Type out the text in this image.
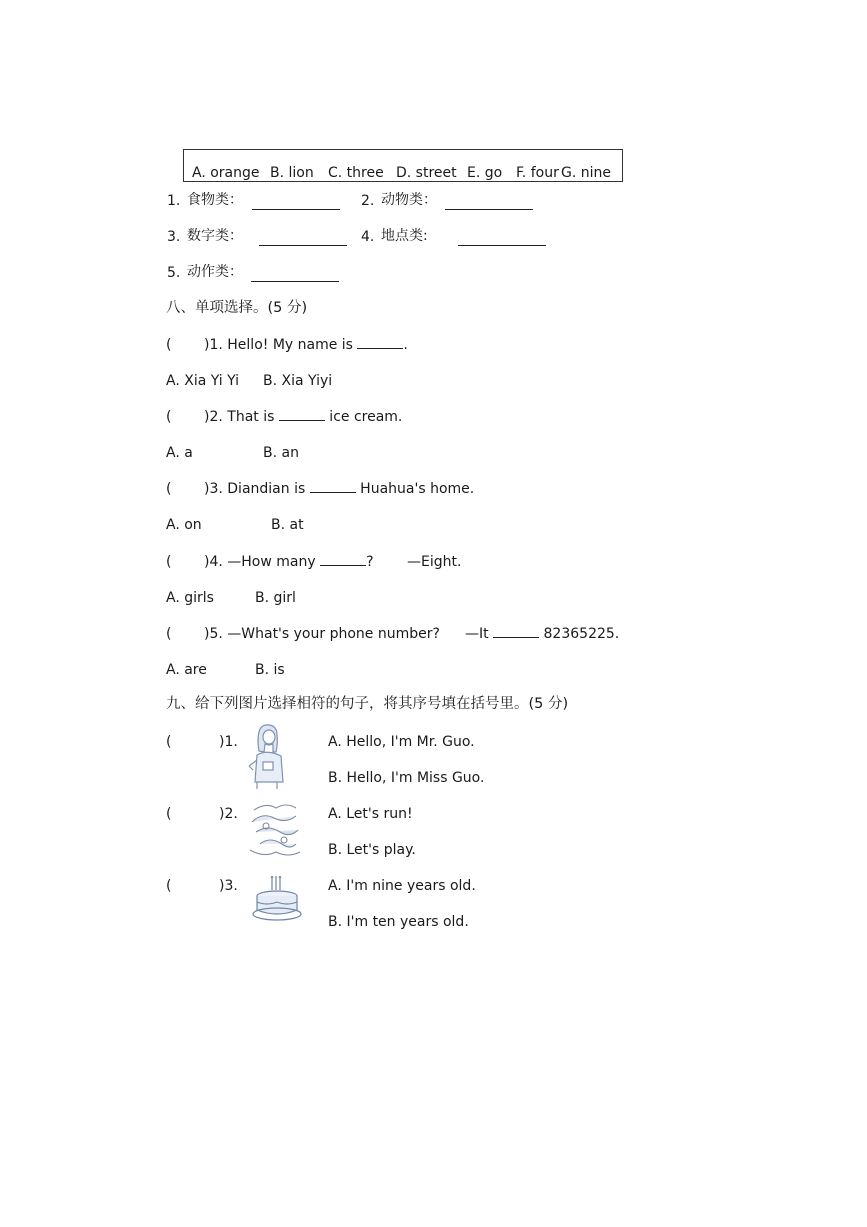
A. orange B. lion C. three D. street E. go F. four G. nine
1. 食物类：	2. 动物类：
3. 数字类：	4. 地点类:
5. 动作类：
八、单项选择。(5 分)
( )1. Hello! My name is	.
A. Xia Yi Yi B. Xia Yiyi
( )2. That is	ice cream.
A. a	B. an
( )3. Diandian is	Huahua's home.
A. on	B. at
( )4. —How many	? —Eight.
A. girls	B. girl
( )5. —What's your phone number? —It	82365225.
A. are	B. is
九、给下列图片选择相符的句子，将其序号填在括号里。(5 分)
(	)1.	A. Hello, I'm Mr. Guo.
B. Hello, I'm Miss Guo.
(	)2.	A. Let's run!
B. Let's play.
(	)3.	A. I'm nine years old.
B. I'm ten years old.
